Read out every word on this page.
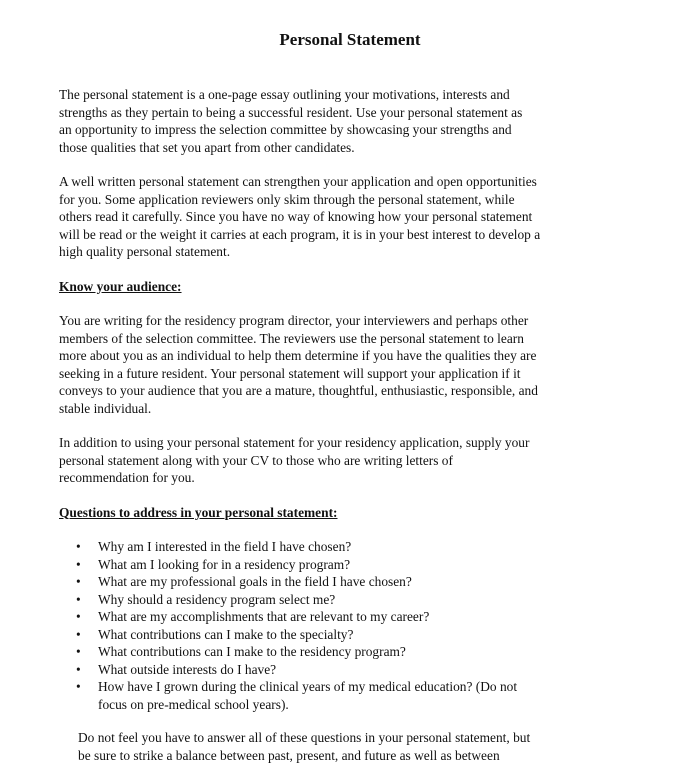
Personal Statement

The personal statement is a one-page essay outlining your motivations, interests and
strengths as they pertain to being a successful resident. Use your personal statement as
an opportunity to impress the selection committee by showcasing your strengths and
those qualities that set you apart from other candidates.

A well written personal statement can strengthen your application and open opportunities
for you. Some application reviewers only skim through the personal statement, while
others read it carefully. Since you have no way of knowing how your personal statement
will be read or the weight it carries at each program, it is in your best interest to develop a
high quality personal statement.

Know your audience:

You are writing for the residency program director, your interviewers and perhaps other
members of the selection committee. The reviewers use the personal statement to learn
more about you as an individual to help them determine if you have the qualities they are
seeking in a future resident. Your personal statement will support your application if it
conveys to your audience that you are a mature, thoughtful, enthusiastic, responsible, and
stable individual.

In addition to using your personal statement for your residency application, supply your
personal statement along with your CV to those who are writing letters of
recommendation for you.

Questions to address in your personal statement:
• Why am I interested in the field I have chosen?
• What am I looking for in a residency program?
• What are my professional goals in the field I have chosen?
• Why should a residency program select me?
• What are my accomplishments that are relevant to my career?
• What contributions can I make to the specialty?
• What contributions can I make to the residency program?
• What outside interests do I have?
• How have I grown during the clinical years of my medical education? (Do not
focus on pre-medical school years).
Do not feel you have to answer all of these questions in your personal statement, but
be sure to strike a balance between past, present, and future as well as between
